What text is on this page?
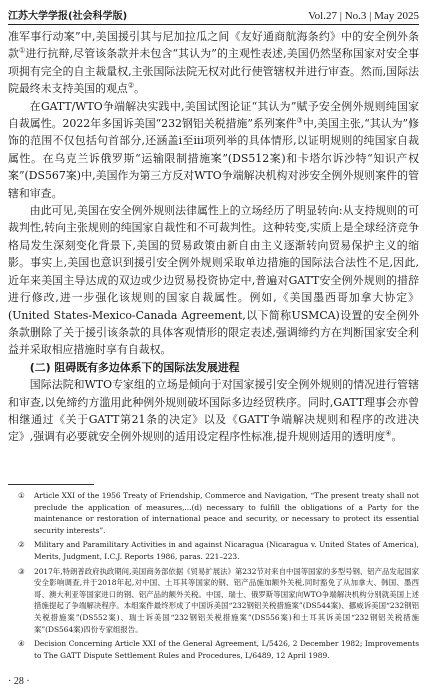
江苏大学学报(社会科学版)	Vol.27 | No.3 | May 2025

准军事行动案”中,美国援引其与尼加拉瓜之间《友好通商航海条约》中的安全例外条款①进行抗辩,尽管该条款并未包含“其认为”的主观性表述,美国仍然坚称国家对安全事项拥有完全的自主裁量权,主张国际法院无权对此行使管辖权并进行审查。然而,国际法院最终未支持美国的观点②。

在GATT/WTO争端解决实践中,美国试图论证“其认为”赋予安全例外规则纯国家自裁属性。2022年多国诉美国“232钢铝关税措施”系列案件③中,美国主张,“其认为”修饰的范围不仅包括句首部分,还涵盖ⅰ至ⅲ项列举的具体情形,以证明规则的纯国家自裁属性。在乌克兰诉俄罗斯“运输限制措施案”(DS512案)和卡塔尔诉沙特“知识产权案”(DS567案)中,美国作为第三方反对WTO争端解决机构对涉安全例外规则案件的管辖和审查。

由此可见,美国在安全例外规则法律属性上的立场经历了明显转向:从支持规则的可裁判性,转向主张规则的纯国家自裁性和不可裁判性。这种转变,实质上是全球经济竞争格局发生深刻变化背景下,美国的贸易政策由新自由主义逐渐转向贸易保护主义的缩影。事实上,美国也意识到援引安全例外规则采取单边措施的国际法合法性不足,因此,近年来美国主导达成的双边或少边贸易投资协定中,普遍对GATT安全例外规则的措辞进行修改,进一步强化该规则的国家自裁属性。例如,《美国墨西哥加拿大协定》(United States-Mexico-Canada Agreement,以下简称USMCA)设置的安全例外条款删除了关于援引该条款的具体客观情形的限定表述,强调缔约方在判断国家安全利益并采取相应措施时享有自裁权。

(二) 阻碍既有多边体系下的国际法发展进程

国际法院和WTO专家组的立场是倾向于对国家援引安全例外规则的情况进行管辖和审查,以免缔约方滥用此种例外规则破坏国际多边经贸秩序。同时,GATT理事会亦曾相继通过《关于GATT第21条的决定》以及《GATT争端解决规则和程序的改进决定》,强调有必要就安全例外规则的适用设定程序性标准,提升规则适用的透明度④。

①	Article XXI of the 1956 Treaty of Friendship, Commerce and Navigation, “The present treaty shall not preclude the application of measures,...(d) necessary to fulfill the obligations of a Party for the maintenance or restoration of international peace and security, or necessary to protect its essential security interests”.
②	Military and Paramilitary Activities in and against Nicaragua (Nicaragua v. United States of America), Merits, Judgment, I.C.J. Reports 1986, paras. 221–223.
③	2017年,特朗普政府执政期间,美国商务部依据《贸易扩展法》第232节对来自中国等国家的多型号钢、铝产品发起国家安全影响调查,并于2018年起,对中国、土耳其等国家的钢、铝产品施加额外关税,同时豁免了从加拿大、韩国、墨西哥、澳大利亚等国家进口的钢、铝产品的额外关税。中国、瑞士、俄罗斯等国家向WTO争端解决机构分别就美国上述措施提起了争端解决程序。本组案件最终形成了中国诉美国“232钢铝关税措施案”(DS544案)、挪威诉美国“232钢铝关税措施案”(DS552案)、瑞士诉美国“232钢铝关税措施案”(DS556案)和土耳其诉美国“232钢铝关税措施案”(DS564案)四份专家组报告。
④	Decision Concerning Article XXI of the General Agreement, L/5426, 2 December 1982; Improvements to The GATT Dispute Settlement Rules and Procedures, L/6489, 12 April 1989.
· 28 ·
